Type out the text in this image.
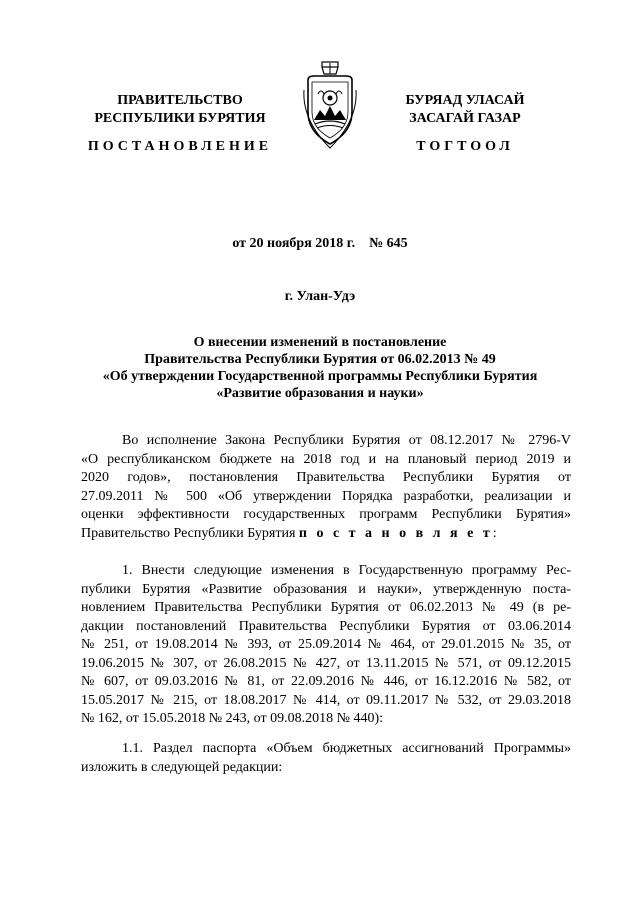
ПРАВИТЕЛЬСТВО
РЕСПУБЛИКИ БУРЯТИЯ
БУРЯАД УЛАСАЙ
ЗАСАГАЙ ГАЗАР
ПОСТАНОВЛЕНИЕ	ТОГТООЛ
от 20 ноября 2018 г.    № 645
г. Улан-Удэ
О внесении изменений в постановление
Правительства Республики Бурятия от 06.02.2013 № 49
«Об утверждении Государственной программы Республики Бурятия
«Развитие образования и науки»
Во исполнение Закона Республики Бурятия от 08.12.2017 № 2796-V
«О республиканском бюджете на 2018 год и на плановый период 2019 и
2020 годов», постановления Правительства Республики Бурятия от
27.09.2011 № 500 «Об утверждении Порядка разработки, реализации и
оценки эффективности государственных программ Республики Бурятия»
Правительство Республики Бурятия п о с т а н о в л я е т:
1. Внести следующие изменения в Государственную программу Рес-
публики Бурятия «Развитие образования и науки», утвержденную поста-
новлением Правительства Республики Бурятия от 06.02.2013 № 49 (в ре-
дакции постановлений Правительства Республики Бурятия от 03.06.2014
№ 251, от 19.08.2014 № 393, от 25.09.2014 № 464, от 29.01.2015 № 35, от
19.06.2015 № 307, от 26.08.2015 № 427, от 13.11.2015 № 571, от 09.12.2015
№ 607, от 09.03.2016 № 81, от 22.09.2016 № 446, от 16.12.2016 № 582, от
15.05.2017 № 215, от 18.08.2017 № 414, от 09.11.2017 № 532, от 29.03.2018
№ 162, от 15.05.2018 № 243, от 09.08.2018 № 440):
1.1. Раздел паспорта «Объем бюджетных ассигнований Программы»
изложить в следующей редакции:
